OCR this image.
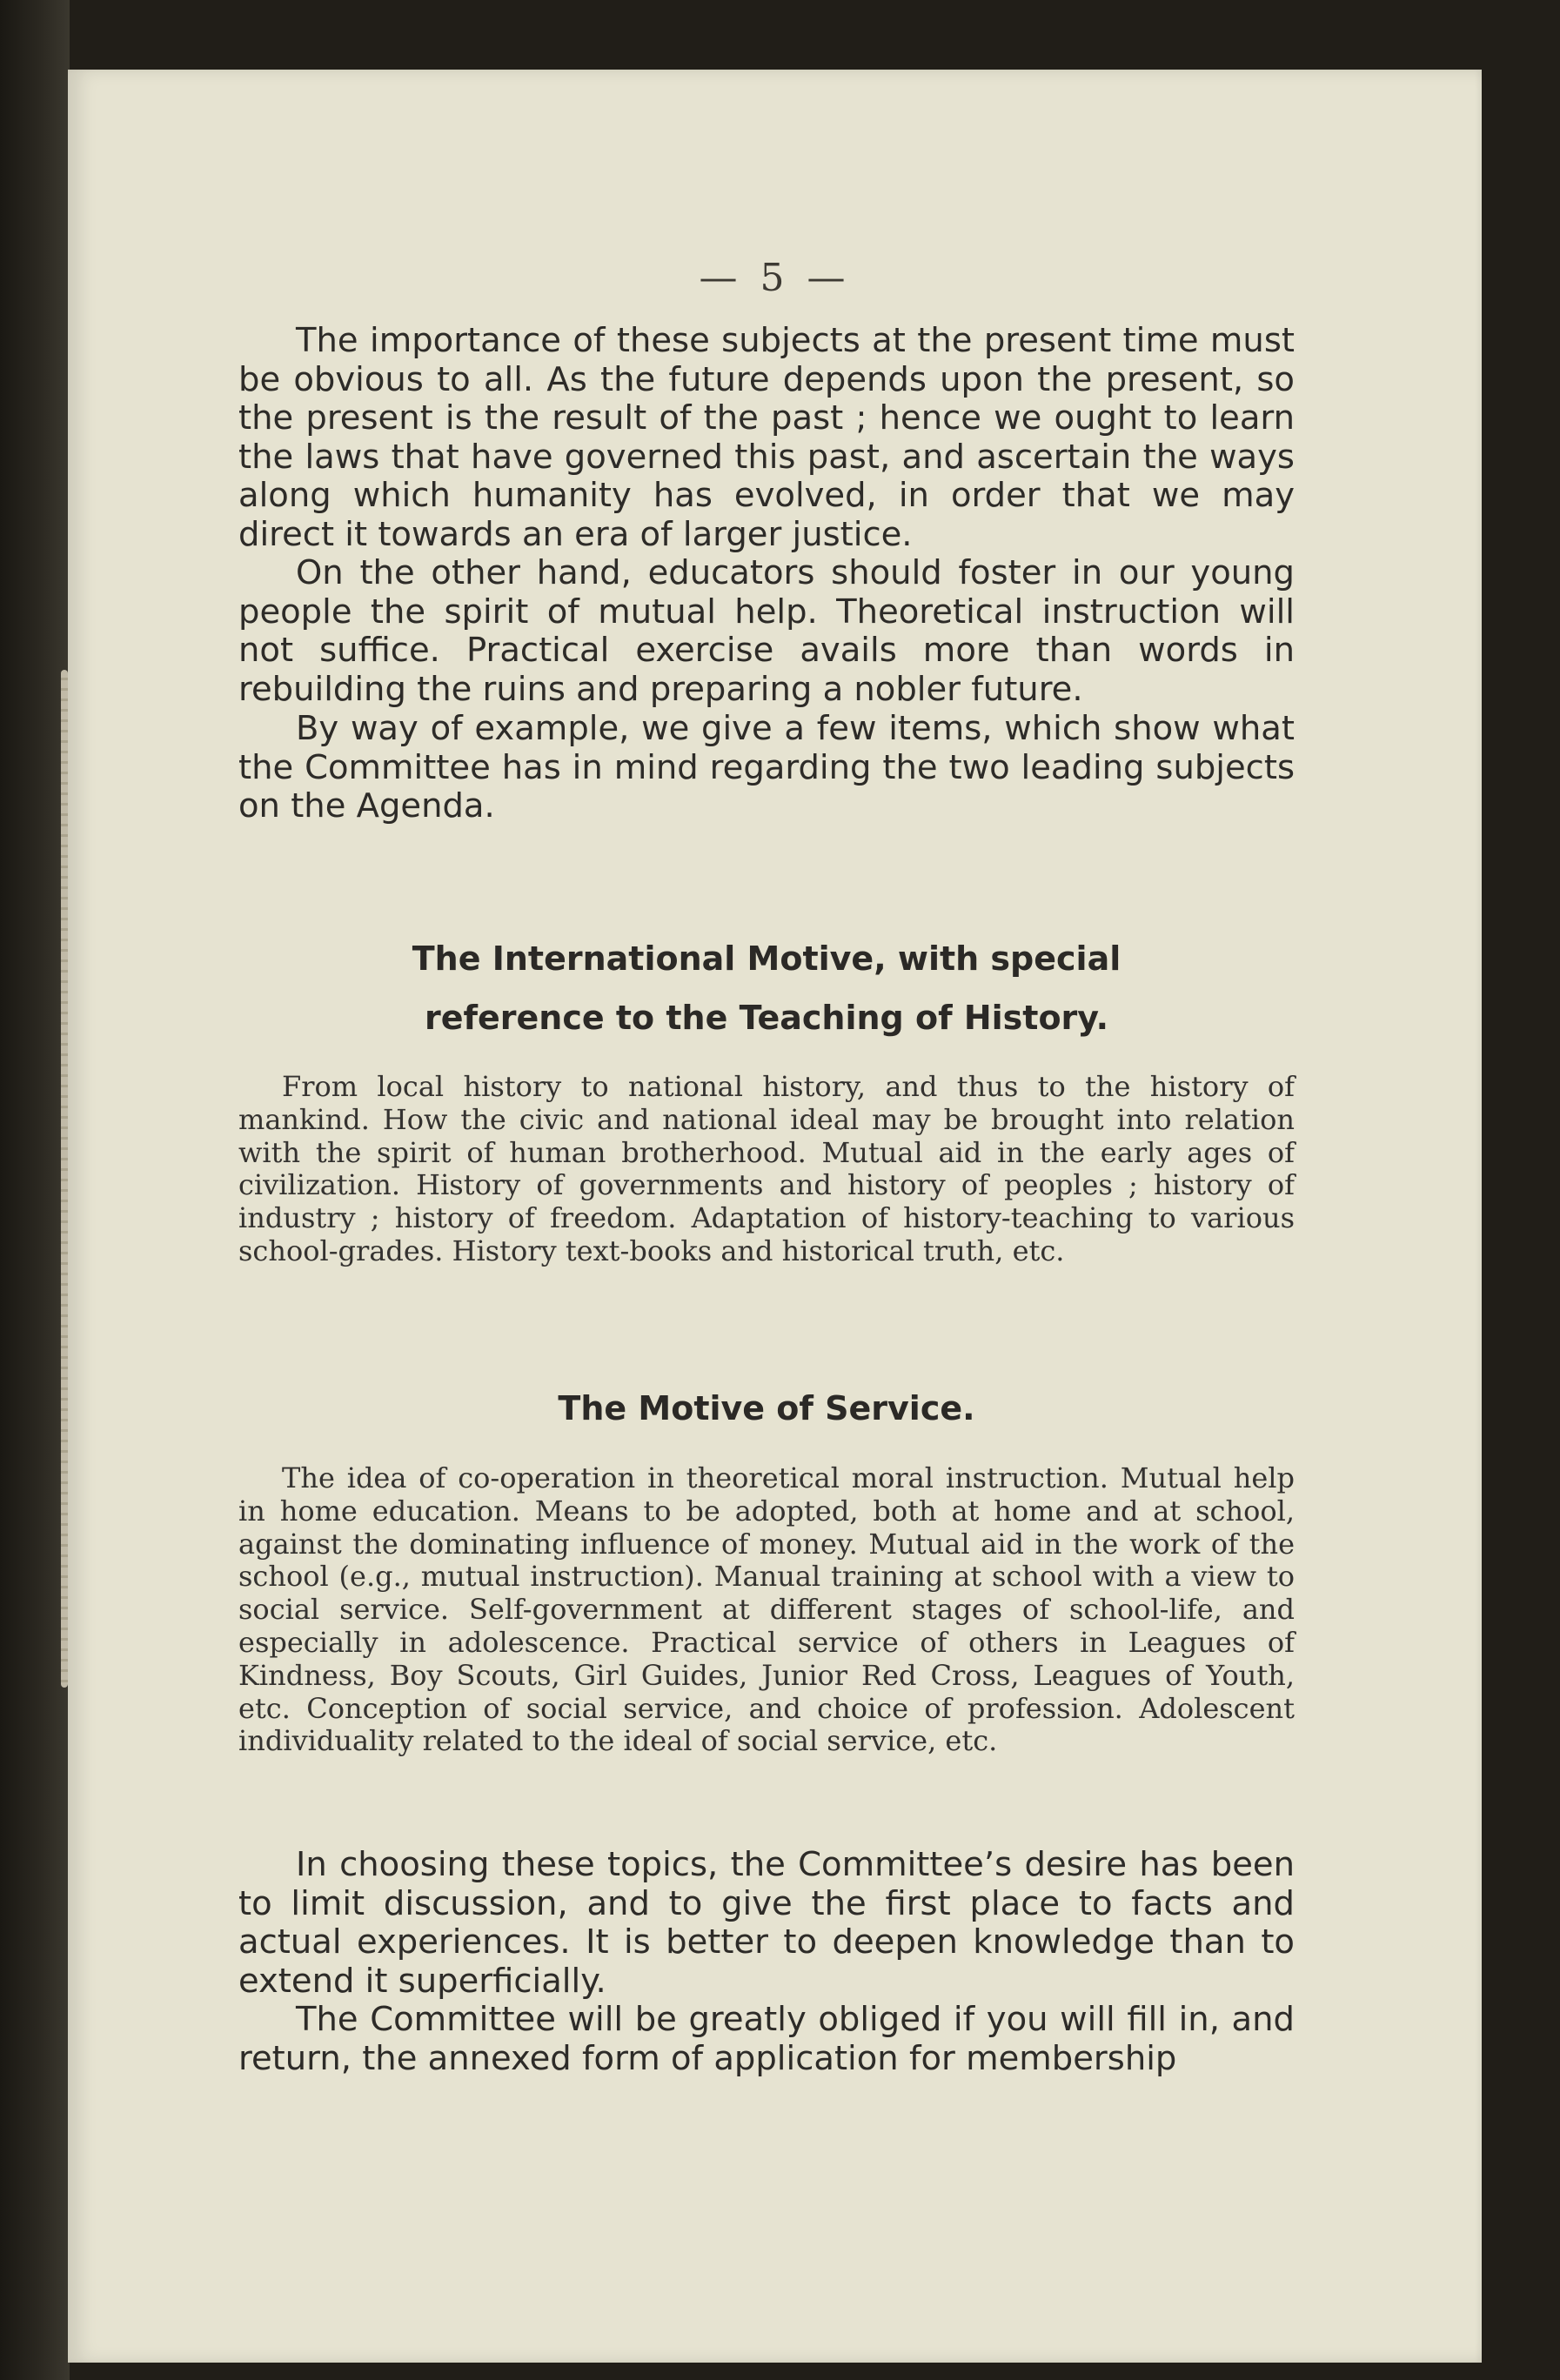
— 5 —

The importance of these subjects at the present time must be obvious to all. As the future depends upon the present, so the present is the result of the past ; hence we ought to learn the laws that have governed this past, and ascertain the ways along which humanity has evolved, in order that we may direct it towards an era of larger justice.

On the other hand, educators should foster in our young people the spirit of mutual help. Theoretical instruction will not suffice. Practical exercise avails more than words in rebuilding the ruins and preparing a nobler future.

By way of example, we give a few items, which show what the Committee has in mind regarding the two leading subjects on the Agenda.

The International Motive, with special reference to the Teaching of History.

From local history to national history, and thus to the history of mankind. How the civic and national ideal may be brought into relation with the spirit of human brotherhood. Mutual aid in the early ages of civilization. History of governments and history of peoples ; history of industry ; history of freedom. Adaptation of history-teaching to various school-grades. History text-books and historical truth, etc.

The Motive of Service.

The idea of co-operation in theoretical moral instruction. Mutual help in home education. Means to be adopted, both at home and at school, against the dominating influence of money. Mutual aid in the work of the school (e.g., mutual instruction). Manual training at school with a view to social service. Self-government at different stages of school-life, and especially in adolescence. Practical service of others in Leagues of Kindness, Boy Scouts, Girl Guides, Junior Red Cross, Leagues of Youth, etc. Conception of social service, and choice of profession. Adolescent individuality related to the ideal of social service, etc.

In choosing these topics, the Committee’s desire has been to limit discussion, and to give the first place to facts and actual experiences. It is better to deepen knowledge than to extend it superficially.

The Committee will be greatly obliged if you will fill in, and return, the annexed form of application for membership
